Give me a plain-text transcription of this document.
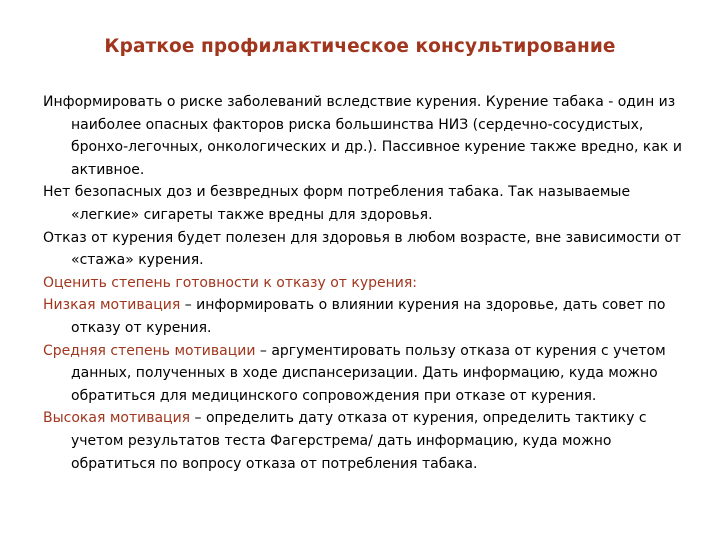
Краткое профилактическое консультирование

Информировать о риске заболеваний вследствие курения. Курение табака - один из наиболее опасных факторов риска большинства НИЗ (сердечно-сосудистых, бронхо-легочных, онкологических и др.). Пассивное курение также вредно, как и активное.

Нет безопасных доз и безвредных форм потребления табака. Так называемые «легкие» сигареты также вредны для здоровья.

Отказ от курения будет полезен для здоровья в любом возрасте, вне зависимости от «стажа» курения.

Оценить степень готовности к отказу от курения:

Низкая мотивация – информировать о влиянии курения на здоровье, дать совет по отказу от курения.

Средняя степень мотивации – аргументировать пользу отказа от курения с учетом данных, полученных в ходе диспансеризации. Дать информацию, куда можно обратиться для медицинского сопровождения при отказе от курения.

Высокая мотивация – определить дату отказа от курения, определить тактику с учетом результатов теста Фагерстрема/ дать информацию, куда можно обратиться по вопросу отказа от потребления табака.
